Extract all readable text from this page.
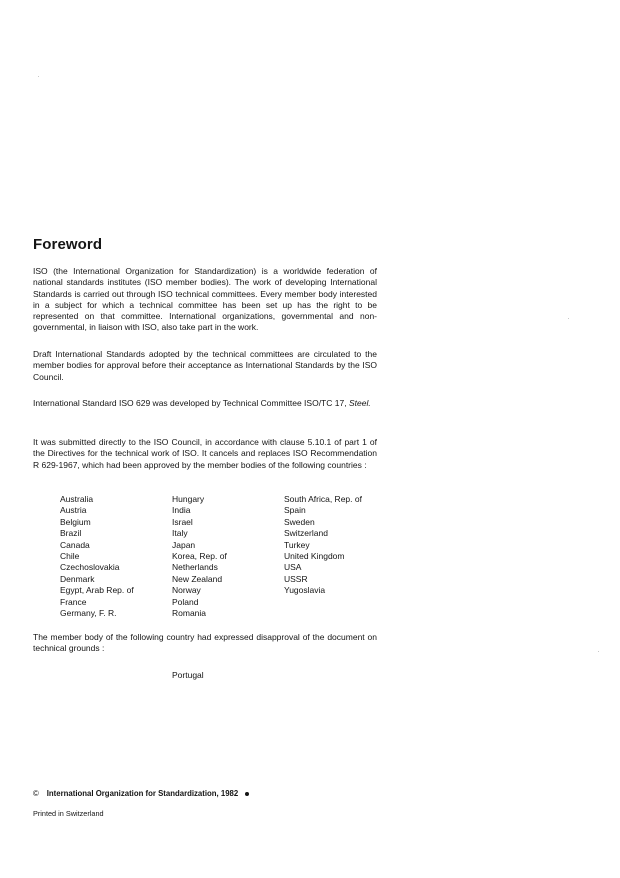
Foreword

ISO (the International Organization for Standardization) is a worldwide federation of national standards institutes (ISO member bodies). The work of developing International Standards is carried out through ISO technical committees. Every member body interested in a subject for which a technical committee has been set up has the right to be represented on that committee. International organizations, governmental and non-governmental, in liaison with ISO, also take part in the work.

Draft International Standards adopted by the technical committees are circulated to the member bodies for approval before their acceptance as International Standards by the ISO Council.

International Standard ISO 629 was developed by Technical Committee ISO/TC 17, Steel.

It was submitted directly to the ISO Council, in accordance with clause 5.10.1 of part 1 of the Directives for the technical work of ISO. It cancels and replaces ISO Recommendation R 629-1967, which had been approved by the member bodies of the following countries :

Australia
Austria
Belgium
Brazil
Canada
Chile
Czechoslovakia
Denmark
Egypt, Arab Rep. of
France
Germany, F. R.
Hungary
India
Israel
Italy
Japan
Korea, Rep. of
Netherlands
New Zealand
Norway
Poland
Romania
South Africa, Rep. of
Spain
Sweden
Switzerland
Turkey
United Kingdom
USA
USSR
Yugoslavia

The member body of the following country had expressed disapproval of the document on technical grounds :

Portugal
© International Organization for Standardization, 1982
Printed in Switzerland
